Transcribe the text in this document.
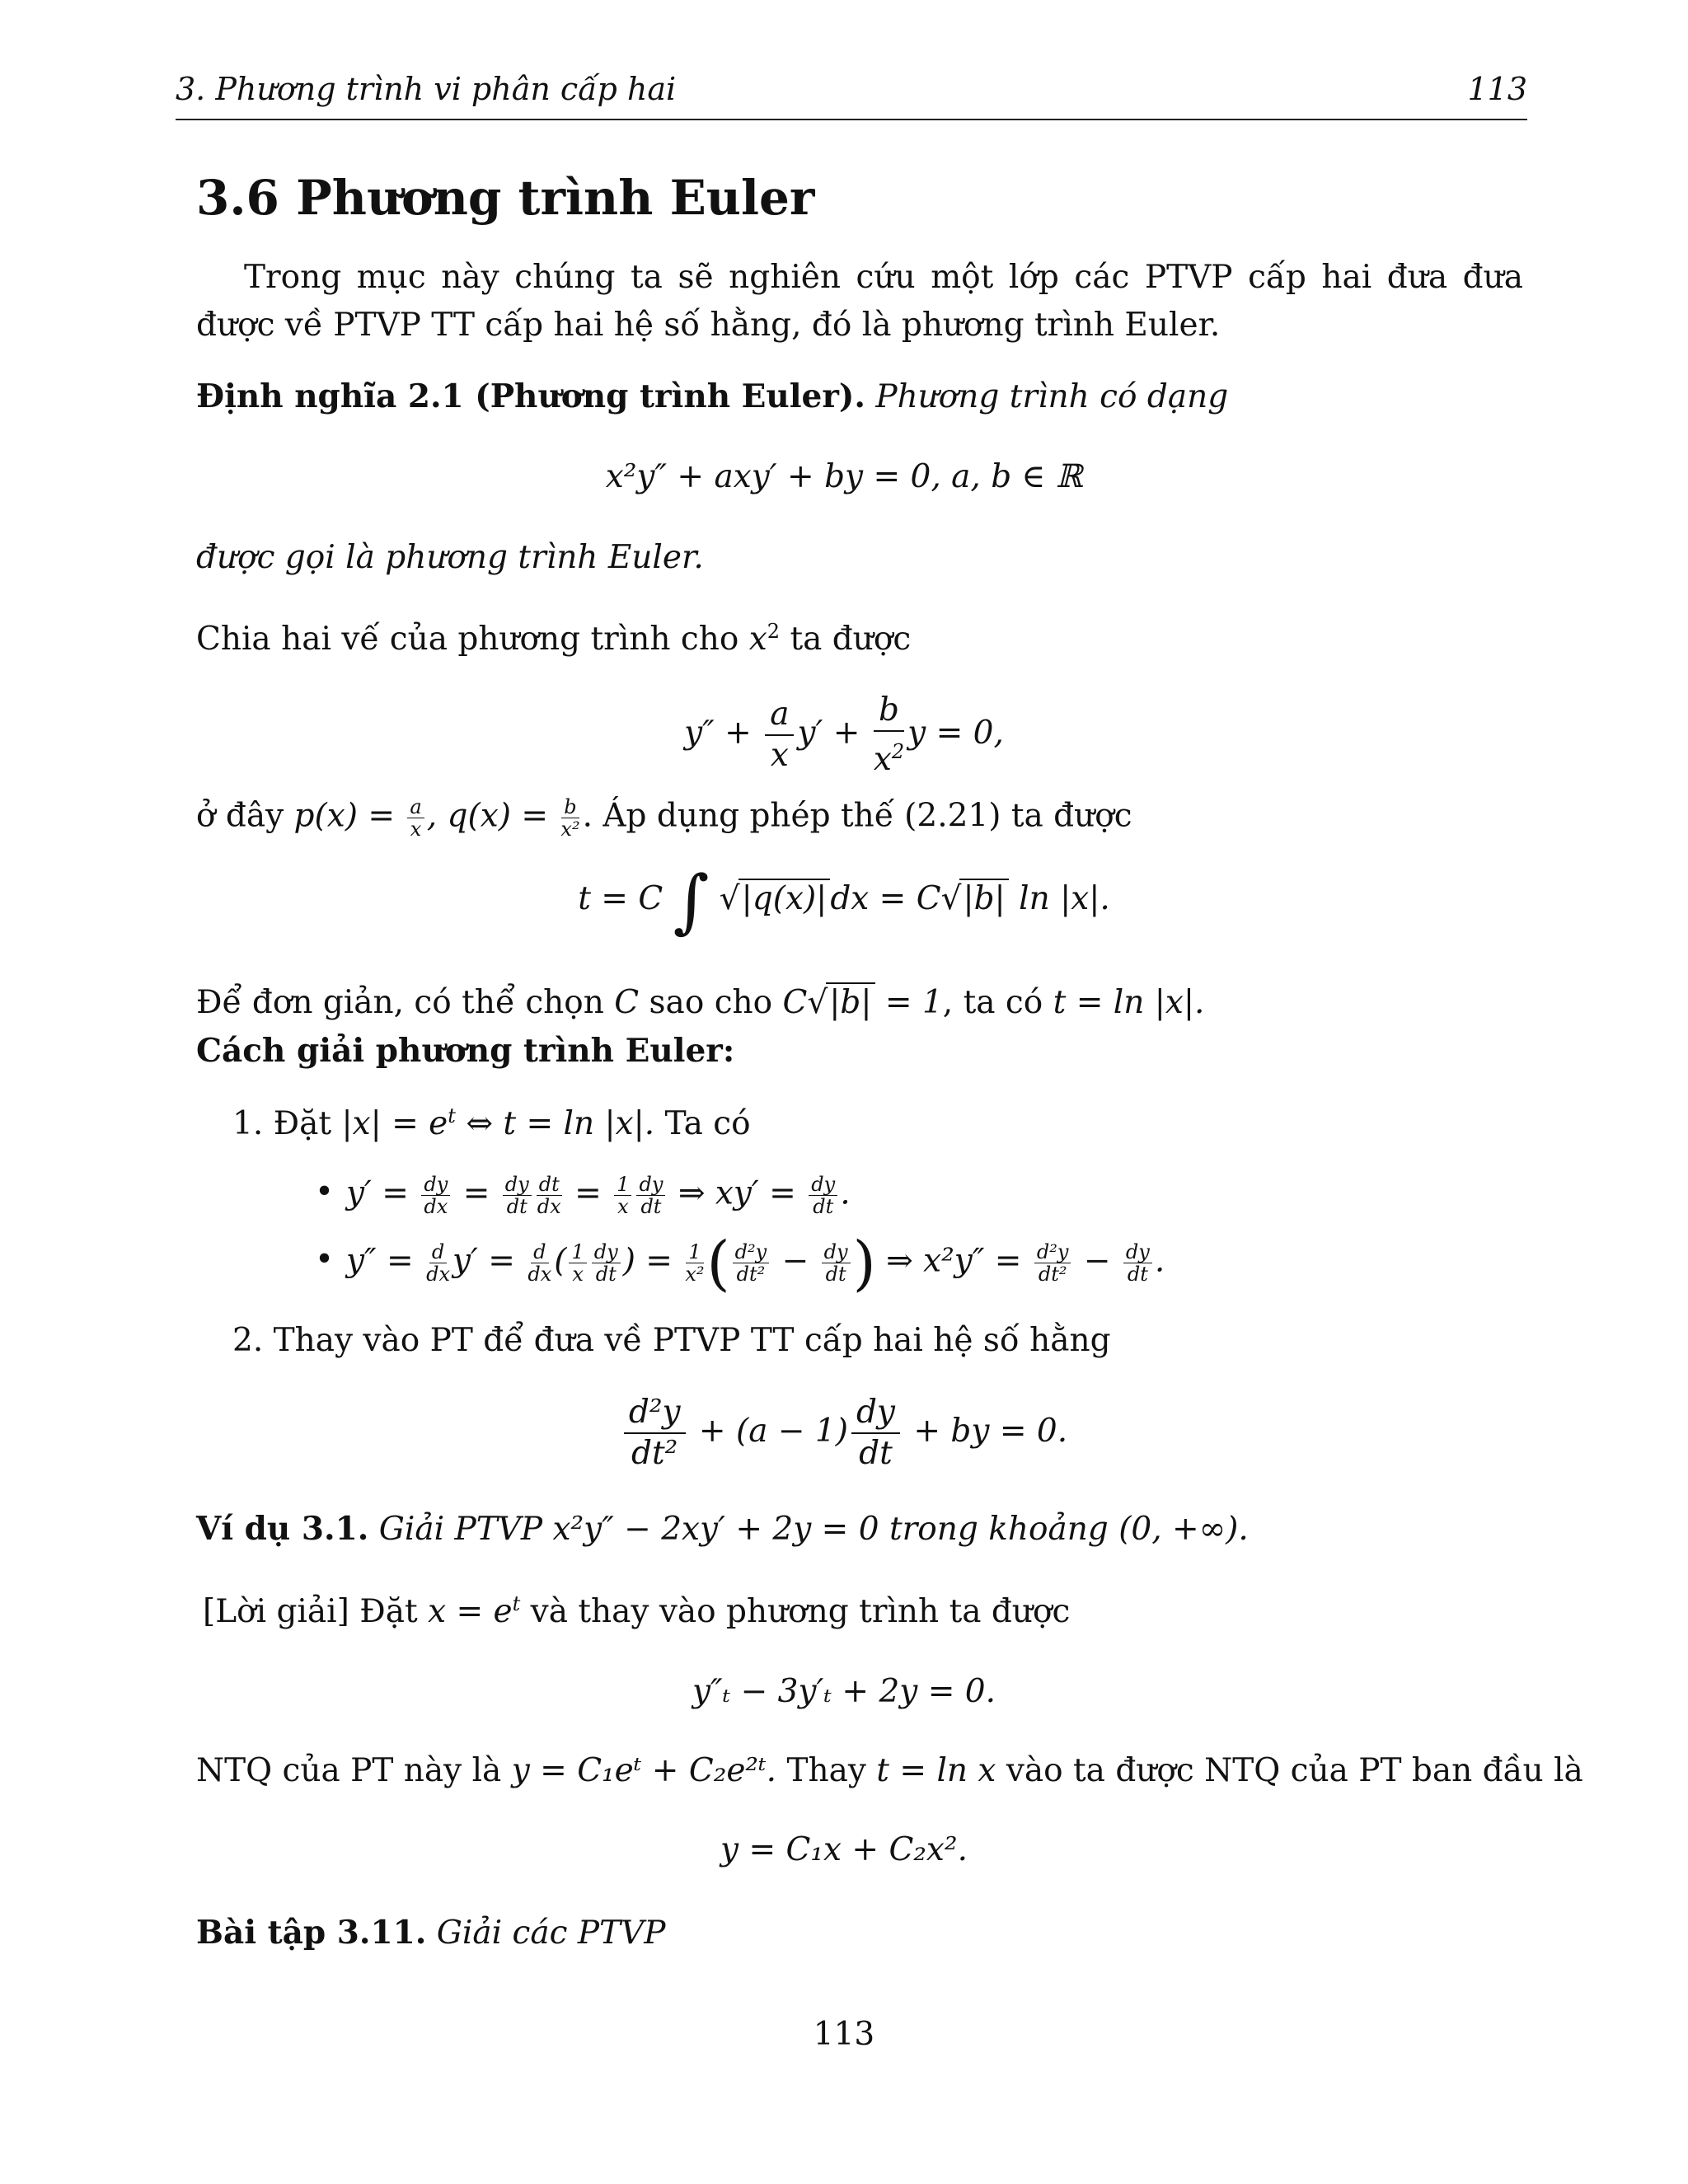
3. Phương trình vi phân cấp hai	113
3.6 Phương trình Euler
Trong mục này chúng ta sẽ nghiên cứu một lớp các PTVP cấp hai đưa đưa được về PTVP TT cấp hai hệ số hằng, đó là phương trình Euler.
Định nghĩa 2.1 (Phương trình Euler). Phương trình có dạng
x²y″ + axy′ + by = 0, a, b ∈ ℝ
được gọi là phương trình Euler.
Chia hai vế của phương trình cho $x^2$ ta được
$y'' + \frac{a}{x} y' + \frac{b}{x^2}$ y = 0,
ở đây $p(x) = \frac{a}{x}$ , $q(x) = \frac{b}{\text{x²}}$ . Áp dụng phép thế (2.21) ta được
t = C ∫ √|q(x)| dx = C√|b| ln |x|.
Để đơn giản, có thể chọn C sao cho C√|b| = 1, ta có t = ln |x|.
Cách giải phương trình Euler:
1. Đặt $|x| = e^t$ ⇔ t = ln |x|. Ta có
• $y' = \frac{dy}{dx} = \frac{dy}{dt} \frac{dt}{dx} = \frac{1}{x} \frac{dy}{dt}$ ⇒ $xy' = \frac{dy}{dt}$ .
• $y'' = \frac{d}{dx} y' = \frac{d}{dx}$ ( $\frac{1}{x} \frac{dy}{dt}$ ) = $\frac{1}{\text{x²}}$ ( $\frac{\text{d²y}}{\text{dt²}} - \frac{dy}{dt}$ ) ⇒ $x^2y'' = \frac{\text{d²y}}{\text{dt²}} - \frac{dy}{dt}$ .
2. Thay vào PT để đưa về PTVP TT cấp hai hệ số hằng
$\frac{\text{d²y}}{\text{dt²}} + (a - 1) \frac{dy}{dt}$ + by = 0.
Ví dụ 3.1. Giải PTVP x²y″ − 2xy′ + 2y = 0 trong khoảng (0, +∞).
[Lời giải] Đặt $x = e^t$ và thay vào phương trình ta được
y″ₜ − 3y′ₜ + 2y = 0.
NTQ của PT này là y = C₁eᵗ + C₂e²ᵗ. Thay t = ln x vào ta được NTQ của PT ban đầu là
y = C₁x + C₂x².
Bài tập 3.11. Giải các PTVP
113
